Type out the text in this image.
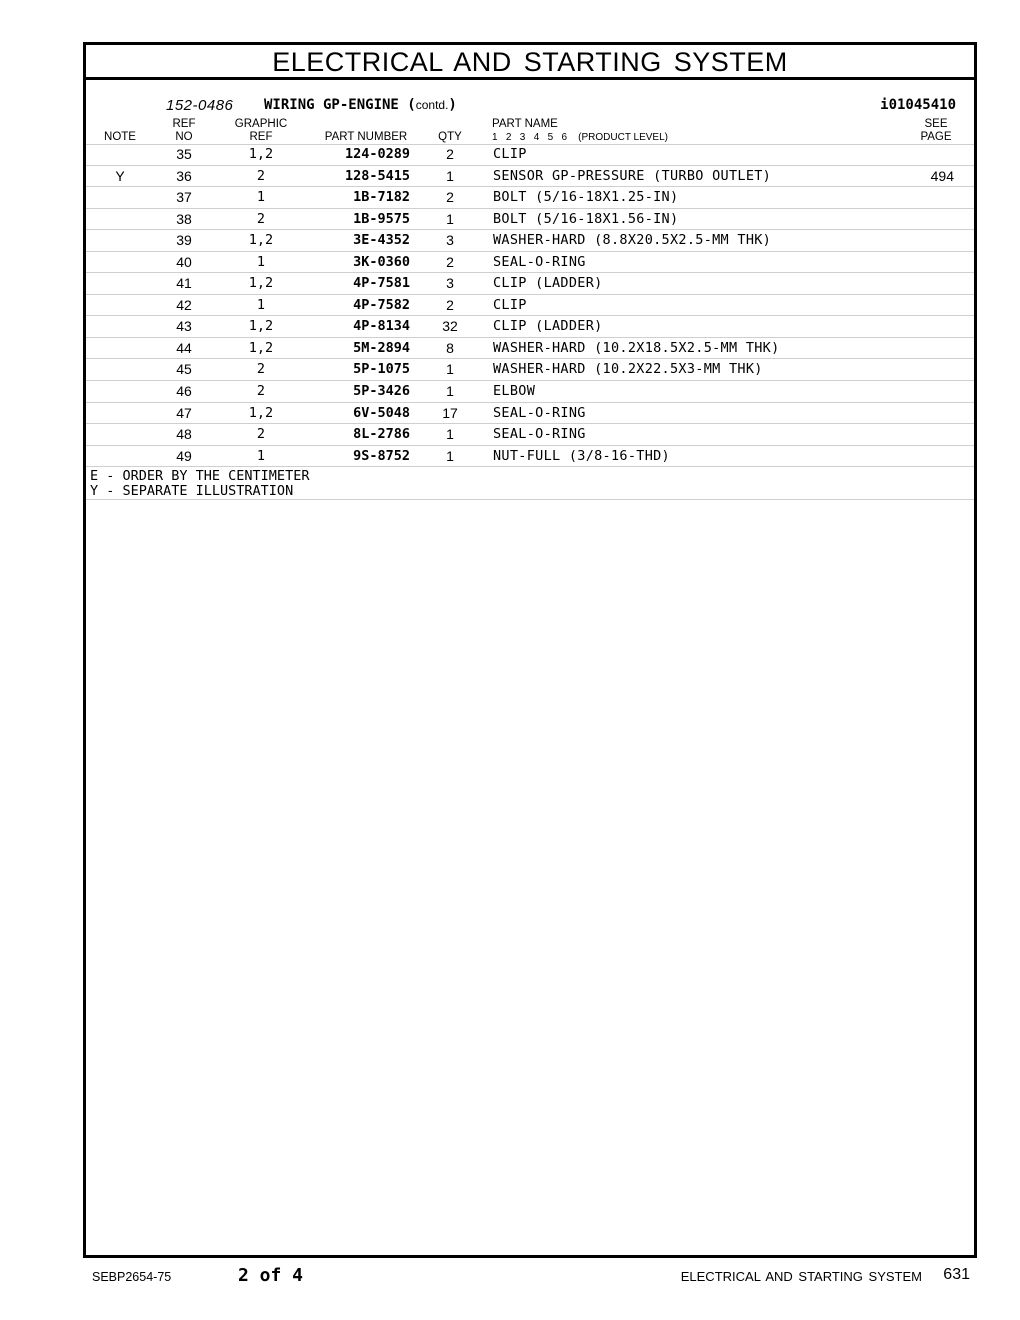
ELECTRICAL AND STARTING SYSTEM
152-0486 WIRING GP-ENGINE (contd.)	i01045410
NOTE
REF
NO
GRAPHIC
REF	PART NUMBER	QTY
PART NAME
1   2   3   4   5   6    (PRODUCT LEVEL)
SEE
PAGE
35	1,2	124-0289	2	CLIP
Y	36	2	128-5415	1	SENSOR GP-PRESSURE (TURBO OUTLET)	494
37	1	1B-7182	2	BOLT (5/16-18X1.25-IN)
38	2	1B-9575	1	BOLT (5/16-18X1.56-IN)
39	1,2	3E-4352	3	WASHER-HARD (8.8X20.5X2.5-MM THK)
40	1	3K-0360	2	SEAL-O-RING
41	1,2	4P-7581	3	CLIP (LADDER)
42	1	4P-7582	2	CLIP
43	1,2	4P-8134	32	CLIP (LADDER)
44	1,2	5M-2894	8	WASHER-HARD (10.2X18.5X2.5-MM THK)
45	2	5P-1075	1	WASHER-HARD (10.2X22.5X3-MM THK)
46	2	5P-3426	1	ELBOW
47	1,2	6V-5048	17	SEAL-O-RING
48	2	8L-2786	1	SEAL-O-RING
49	1	9S-8752	1	NUT-FULL (3/8-16-THD)
E - ORDER BY THE CENTIMETER
Y - SEPARATE ILLUSTRATION
SEBP2654-75	2 of 4	ELECTRICAL AND STARTING SYSTEM 631
